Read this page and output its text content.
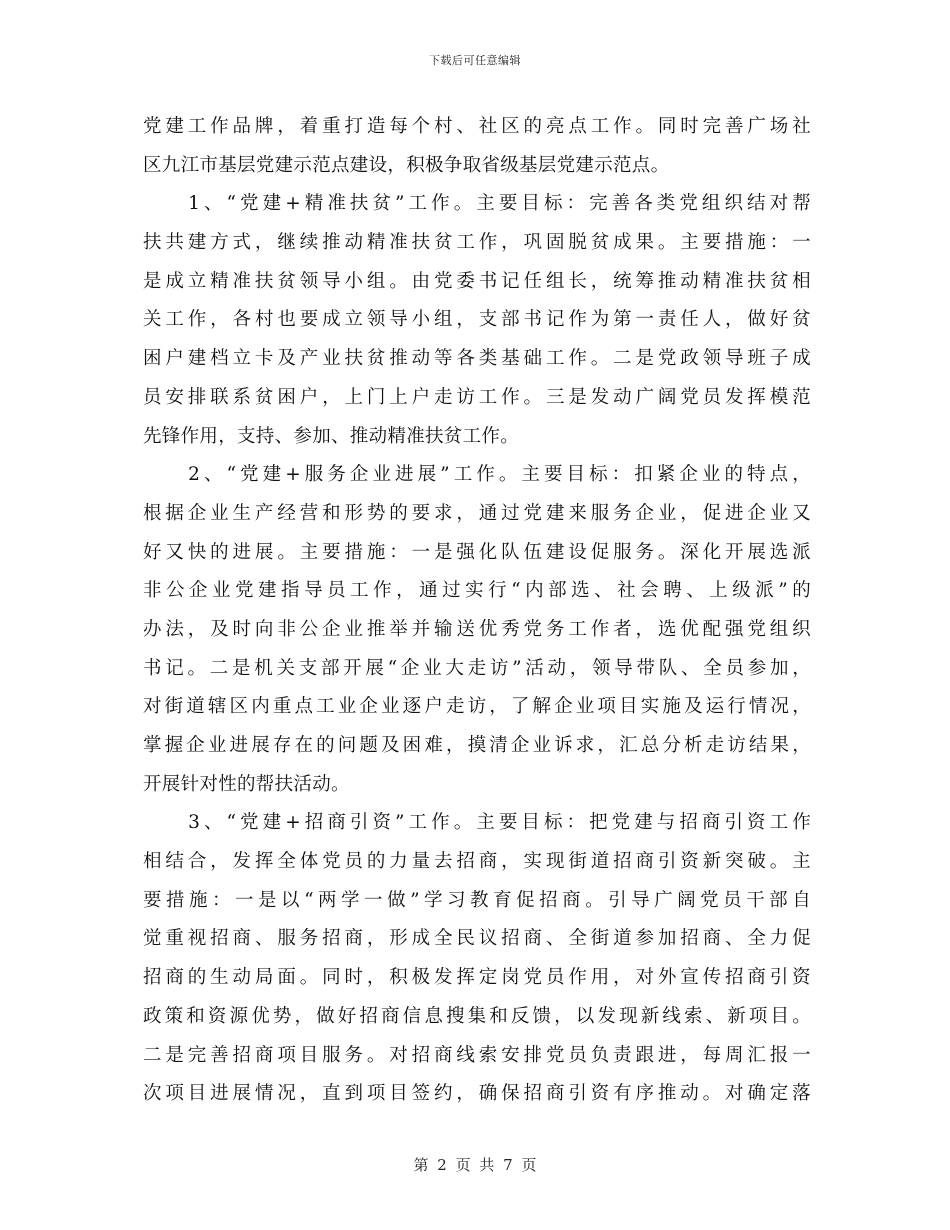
下载后可任意编辑
党建工作品牌，着重打造每个村、社区的亮点工作。同时完善广场社
区九江市基层党建示范点建设，积极争取省级基层党建示范点。
　　1、“党建+精准扶贫”工作。主要目标：完善各类党组织结对帮
扶共建方式，继续推动精准扶贫工作，巩固脱贫成果。主要措施：一
是成立精准扶贫领导小组。由党委书记任组长，统筹推动精准扶贫相
关工作，各村也要成立领导小组，支部书记作为第一责任人，做好贫
困户建档立卡及产业扶贫推动等各类基础工作。二是党政领导班子成
员安排联系贫困户，上门上户走访工作。三是发动广阔党员发挥模范
先锋作用，支持、参加、推动精准扶贫工作。
　　2、“党建+服务企业进展”工作。主要目标：扣紧企业的特点，
根据企业生产经营和形势的要求，通过党建来服务企业，促进企业又
好又快的进展。主要措施：一是强化队伍建设促服务。深化开展选派
非公企业党建指导员工作，通过实行“内部选、社会聘、上级派”的
办法，及时向非公企业推举并输送优秀党务工作者，选优配强党组织
书记。二是机关支部开展“企业大走访”活动，领导带队、全员参加，
对街道辖区内重点工业企业逐户走访，了解企业项目实施及运行情况，
掌握企业进展存在的问题及困难，摸清企业诉求，汇总分析走访结果，
开展针对性的帮扶活动。
　　3、“党建+招商引资”工作。主要目标：把党建与招商引资工作
相结合，发挥全体党员的力量去招商，实现街道招商引资新突破。主
要措施：一是以“两学一做”学习教育促招商。引导广阔党员干部自
觉重视招商、服务招商，形成全民议招商、全街道参加招商、全力促
招商的生动局面。同时，积极发挥定岗党员作用，对外宣传招商引资
政策和资源优势，做好招商信息搜集和反馈，以发现新线索、新项目。
二是完善招商项目服务。对招商线索安排党员负责跟进，每周汇报一
次项目进展情况，直到项目签约，确保招商引资有序推动。对确定落
第 2 页 共 7 页
